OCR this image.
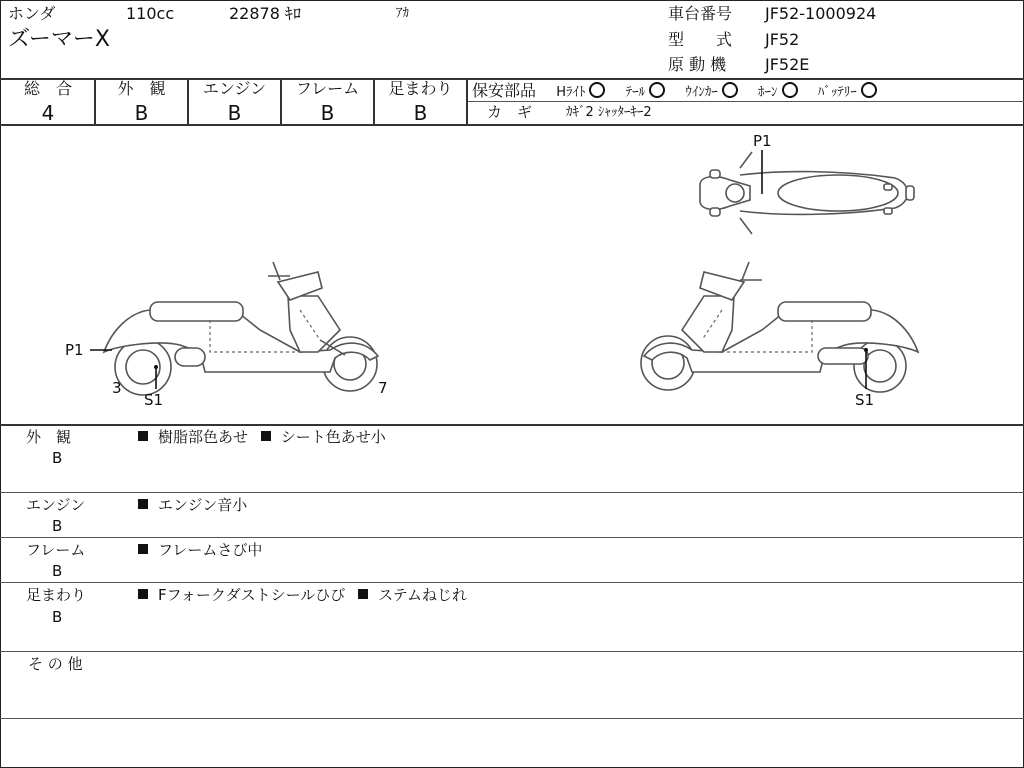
ホンダ	110cc	22878 ｷﾛ	ｱｶ
ズーマーX
車台番号 JF52-1000924
型　　式 JF52
原 動 機 JF52E
総　合
4
外　観
B
エンジン
B
フレーム
B
足まわり
B
保安部品 Hﾗｲﾄ	ﾃｰﾙ	ｳｲﾝｶｰ	ﾎｰﾝ	ﾊﾞｯﾃﾘｰ
カ　ギ	ｶｷﾞ2 ｼｬｯﾀｰｷｰ2
P1
P1
S1
3	7
S1
外　観
B
樹脂部色あせ シート色あせ小
エンジン
B
エンジン音小
フレーム
B
フレームさび中
足まわり
B
Fフォークダストシールひび ステムねじれ
そ の 他
